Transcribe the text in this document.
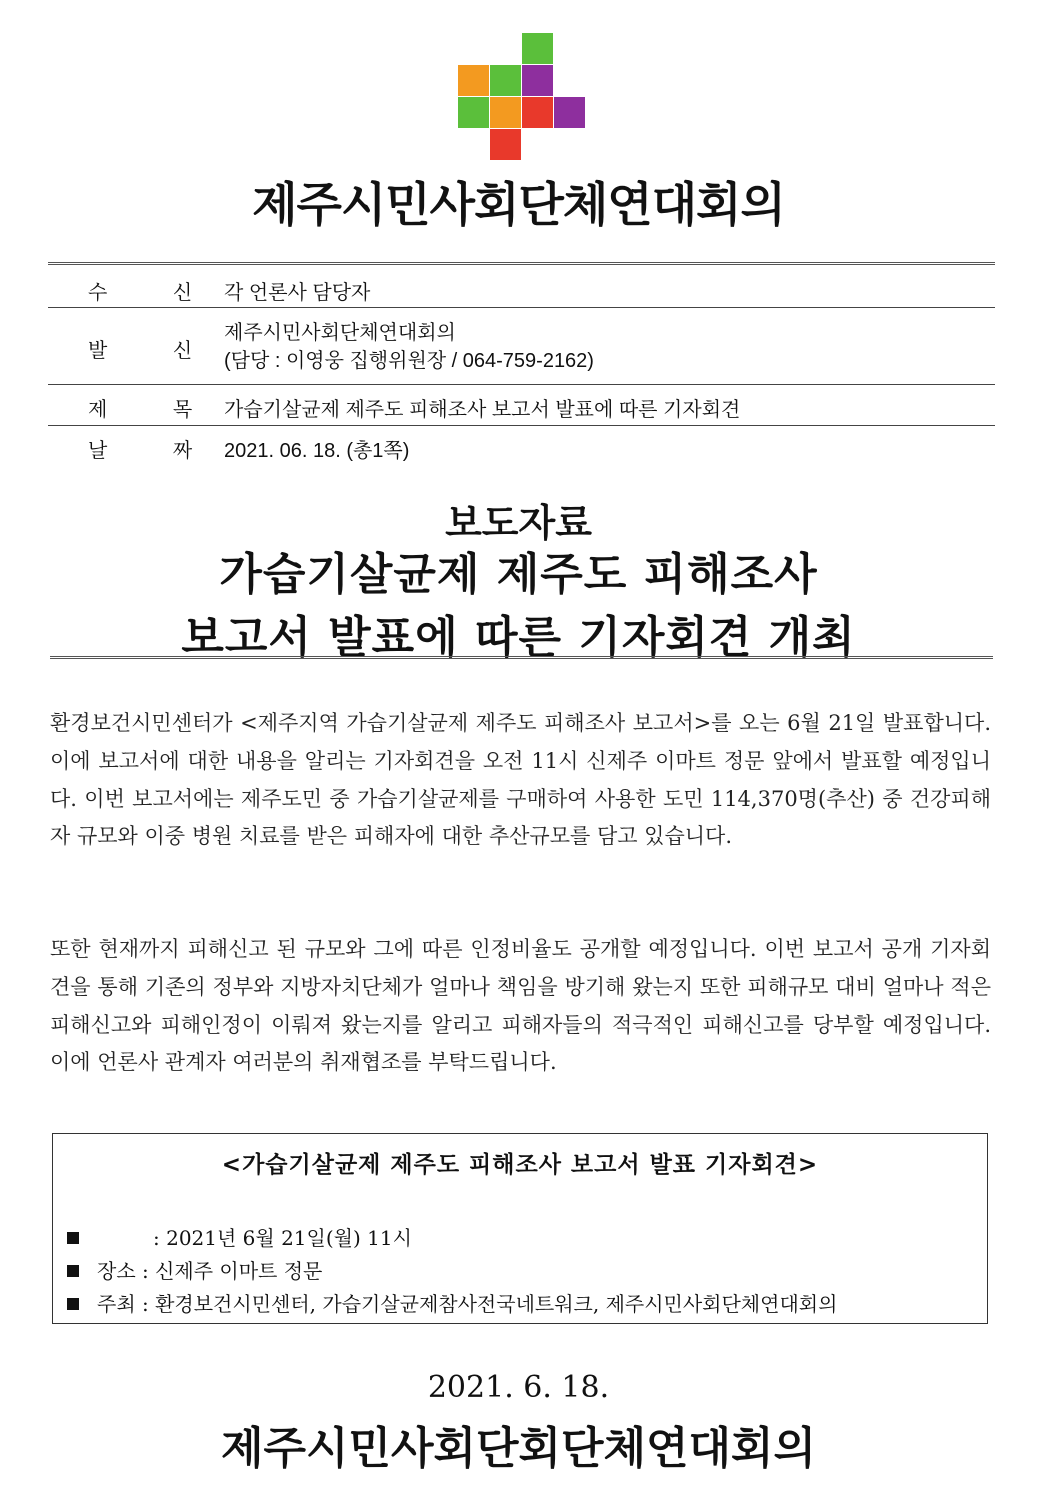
제주시민사회단체연대회의
수 신 각 언론사 담당자
발 신
제주시민사회단체연대회의
(담당 : 이영웅 집행위원장 / 064-759-2162)
제 목 가습기살균제 제주도 피해조사 보고서 발표에 따른 기자회견
날 짜 2021. 06. 18. (총1쪽)
보도자료
가습기살균제 제주도 피해조사
보고서 발표에 따른 기자회견 개최
환경보건시민센터가 <제주지역 가습기살균제 제주도 피해조사 보고서>를 오는 6월 21일 발표합니다. 이에 보고서에 대한 내용을 알리는 기자회견을 오전 11시 신제주 이마트 정문 앞에서 발표할 예정입니다. 이번 보고서에는 제주도민 중 가습기살균제를 구매하여 사용한 도민 114,370명(추산) 중 건강피해자 규모와 이중 병원 치료를 받은 피해자에 대한 추산규모를 담고 있습니다.
또한 현재까지 피해신고 된 규모와 그에 따른 인정비율도 공개할 예정입니다. 이번 보고서 공개 기자회견을 통해 기존의 정부와 지방자치단체가 얼마나 책임을 방기해 왔는지 또한 피해규모 대비 얼마나 적은 피해신고와 피해인정이 이뤄져 왔는지를 알리고 피해자들의 적극적인 피해신고를 당부할 예정입니다. 이에 언론사 관계자 여러분의 취재협조를 부탁드립니다.
<가습기살균제 제주도 피해조사 보고서 발표 기자회견>
: 2021년 6월 21일(월) 11시
장소 : 신제주 이마트 정문
주최 : 환경보건시민센터, 가습기살균제참사전국네트워크, 제주시민사회단체연대회의
2021. 6. 18.
제주시민사회단회단체연대회의
